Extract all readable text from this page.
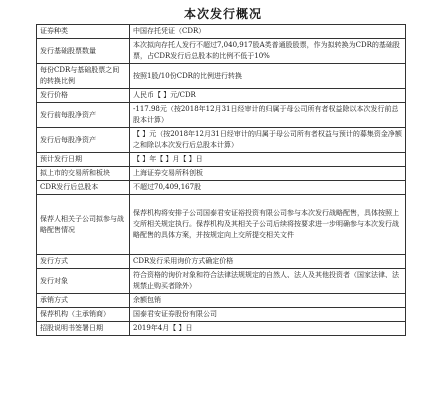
本次发行概况
证券种类	中国存托凭证（CDR）
发行基础股票数量	本次拟向存托人发行不超过7,040,917股A类普通股股票，作为拟转换为CDR的基础股票，占CDR发行后总股本的比例不低于10%
每份CDR与基础股票之间的转换比例	按照1股/10份CDR的比例进行转换
发行价格	人民币【 】元/CDR
发行前每股净资产	-117.98元（按2018年12月31日经审计的归属于母公司所有者权益除以本次发行前总股本计算）
发行后每股净资产	【 】元（按2018年12月31日经审计的归属于母公司所有者权益与预计的募集资金净额之和除以本次发行后总股本计算）
预计发行日期	【 】年【 】月【 】日
拟上市的交易所和板块	上海证券交易所科创板
CDR发行后总股本	不超过70,409,167股
保荐人相关子公司拟参与战略配售情况	保荐机构将安排子公司国泰君安证裕投资有限公司参与本次发行战略配售，具体按照上交所相关规定执行。保荐机构及其相关子公司后续将按要求进一步明确参与本次发行战略配售的具体方案，并按规定向上交所提交相关文件
发行方式	CDR发行采用询价方式确定价格
发行对象	符合资格的询价对象和符合法律法规规定的自然人、法人及其他投资者（国家法律、法规禁止购买者除外）
承销方式	余额包销
保荐机构（主承销商）	国泰君安证券股份有限公司
招股说明书签署日期	2019年4月【 】日
